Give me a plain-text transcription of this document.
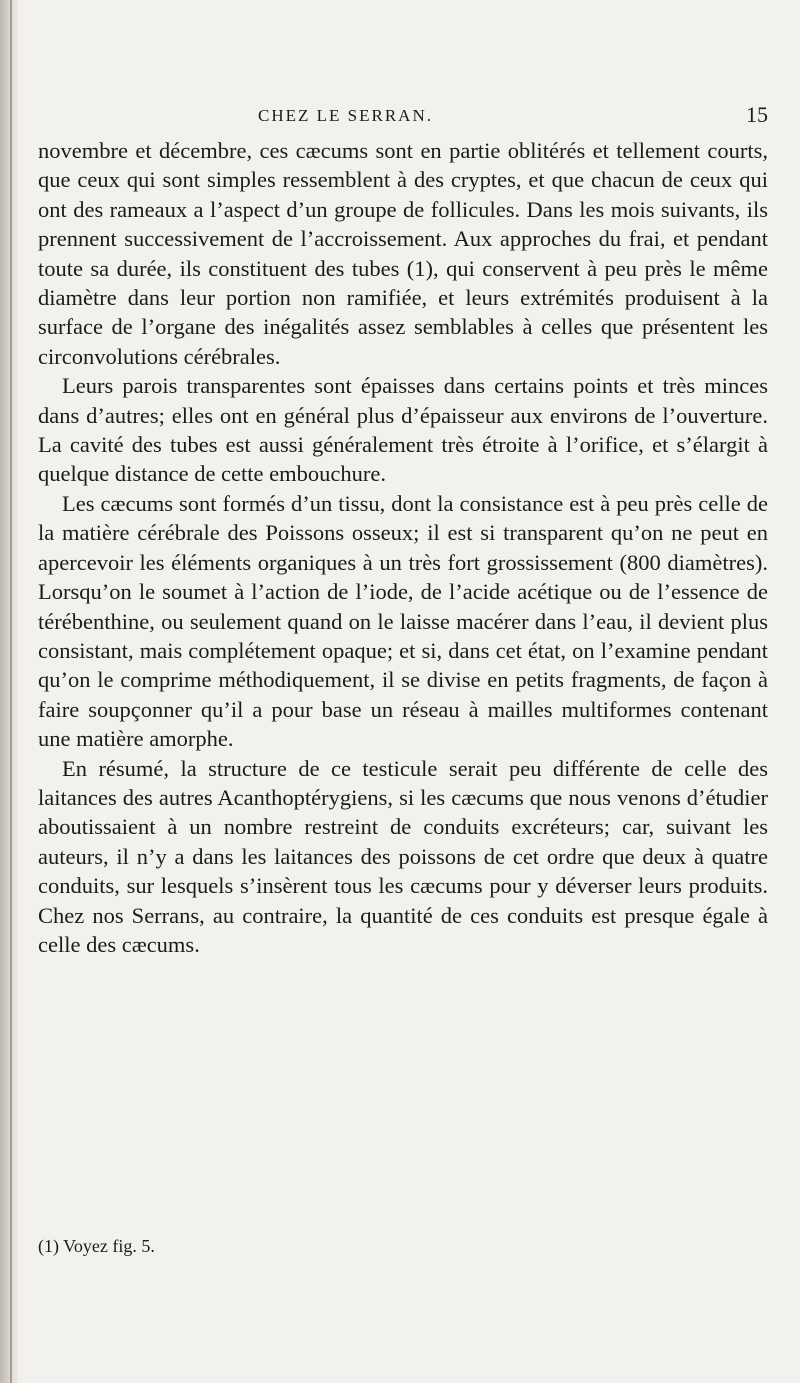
CHEZ LE SERRAN.	15

novembre et décembre, ces cæcums sont en partie oblitérés et tellement courts, que ceux qui sont simples ressemblent à des cryptes, et que chacun de ceux qui ont des rameaux a l’aspect d’un groupe de follicules. Dans les mois suivants, ils prennent successivement de l’accroissement. Aux approches du frai, et pendant toute sa durée, ils constituent des tubes (1), qui conservent à peu près le même diamètre dans leur portion non ramifiée, et leurs extrémités produisent à la surface de l’organe des inégalités assez semblables à celles que présentent les circonvolutions cérébrales.

Leurs parois transparentes sont épaisses dans certains points et très minces dans d’autres; elles ont en général plus d’épaisseur aux environs de l’ouverture. La cavité des tubes est aussi généralement très étroite à l’orifice, et s’élargit à quelque distance de cette embouchure.

Les cæcums sont formés d’un tissu, dont la consistance est à peu près celle de la matière cérébrale des Poissons osseux; il est si transparent qu’on ne peut en apercevoir les éléments organiques à un très fort grossissement (800 diamètres). Lorsqu’on le soumet à l’action de l’iode, de l’acide acétique ou de l’essence de térébenthine, ou seulement quand on le laisse macérer dans l’eau, il devient plus consistant, mais complétement opaque; et si, dans cet état, on l’examine pendant qu’on le comprime méthodiquement, il se divise en petits fragments, de façon à faire soupçonner qu’il a pour base un réseau à mailles multiformes contenant une matière amorphe.

En résumé, la structure de ce testicule serait peu différente de celle des laitances des autres Acanthoptérygiens, si les cæcums que nous venons d’étudier aboutissaient à un nombre restreint de conduits excréteurs; car, suivant les auteurs, il n’y a dans les laitances des poissons de cet ordre que deux à quatre conduits, sur lesquels s’insèrent tous les cæcums pour y déverser leurs produits. Chez nos Serrans, au contraire, la quantité de ces conduits est presque égale à celle des cæcums.

(1) Voyez fig. 5.
